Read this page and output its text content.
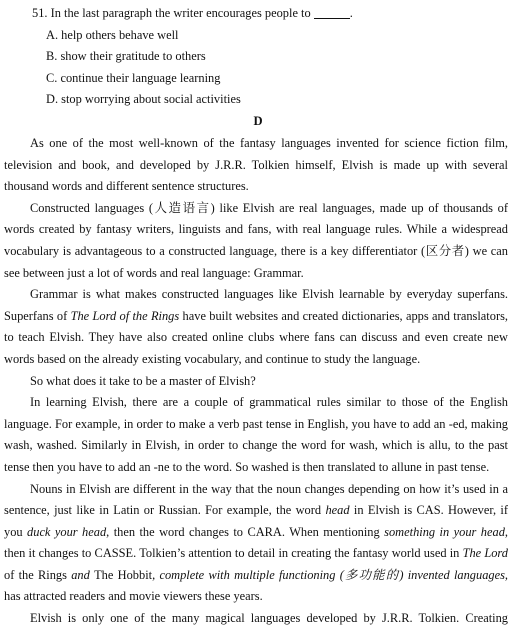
51. In the last paragraph the writer encourages people to	.
A. help others behave well
B. show their gratitude to others
C. continue their language learning
D. stop worrying about social activities
D
As one of the most well-known of the fantasy languages invented for science fiction film,
television and book, and developed by J.R.R. Tolkien himself, Elvish is made up with several
thousand words and different sentence structures.
Constructed languages (人造语言) like Elvish are real languages, made up of thousands of
words created by fantasy writers, linguists and fans, with real language rules. While a widespread
vocabulary is advantageous to a constructed language, there is a key differentiator (区分者) we can
see between just a lot of words and real language: Grammar.
Grammar is what makes constructed languages like Elvish learnable by everyday superfans.
Superfans of The Lord of the Rings have built websites and created dictionaries, apps and translators,
to teach Elvish. They have also created online clubs where fans can discuss and even create new
words based on the already existing vocabulary, and continue to study the language.
So what does it take to be a master of Elvish?
In learning Elvish, there are a couple of grammatical rules similar to those of the English
language. For example, in order to make a verb past tense in English, you have to add an -ed, making
wash, washed. Similarly in Elvish, in order to change the word for wash, which is allu, to the past
tense then you have to add an -ne to the word. So washed is then translated to allune in past tense.
Nouns in Elvish are different in the way that the noun changes depending on how it’s used in a
sentence, just like in Latin or Russian. For example, the word head in Elvish is CAS. However, if
you duck your head, then the word changes to CARA. When mentioning something in your head,
then it changes to CASSE. Tolkien’s attention to detail in creating the fantasy world used in The Lord
of the Rings and The Hobbit, complete with multiple functioning (多功能的) invented languages,
has attracted readers and movie viewers these years.
Elvish is only one of the many magical languages developed by J.R.R. Tolkien. Creating
